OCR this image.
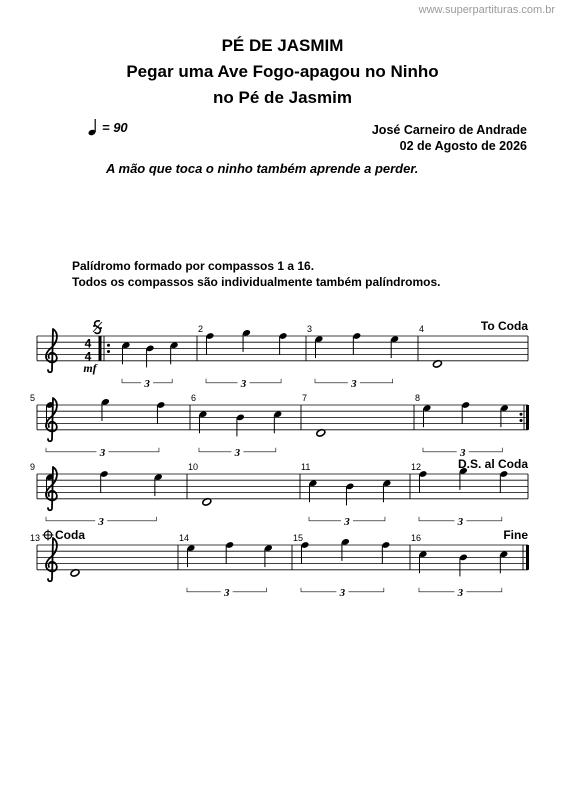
www.superpartituras.com.br
PÉ DE JASMIM
Pegar uma Ave Fogo-apagou no Ninho
no Pé de Jasmim
= 90	José Carneiro de Andrade
02 de Agosto de 2026
A mão que toca o ninho também aprende a perder.
Palídromo formado por compassos 1 a 16.
Todos os compassos são individualmente também palíndromos.
4
4
mf
3
2
3
3
3
4	To Coda
5
3
6
3
7	8
3
9
3
10	11
3
12
3
D.S. al Coda
13	14
3
15
3
16
3
Fine
Coda
